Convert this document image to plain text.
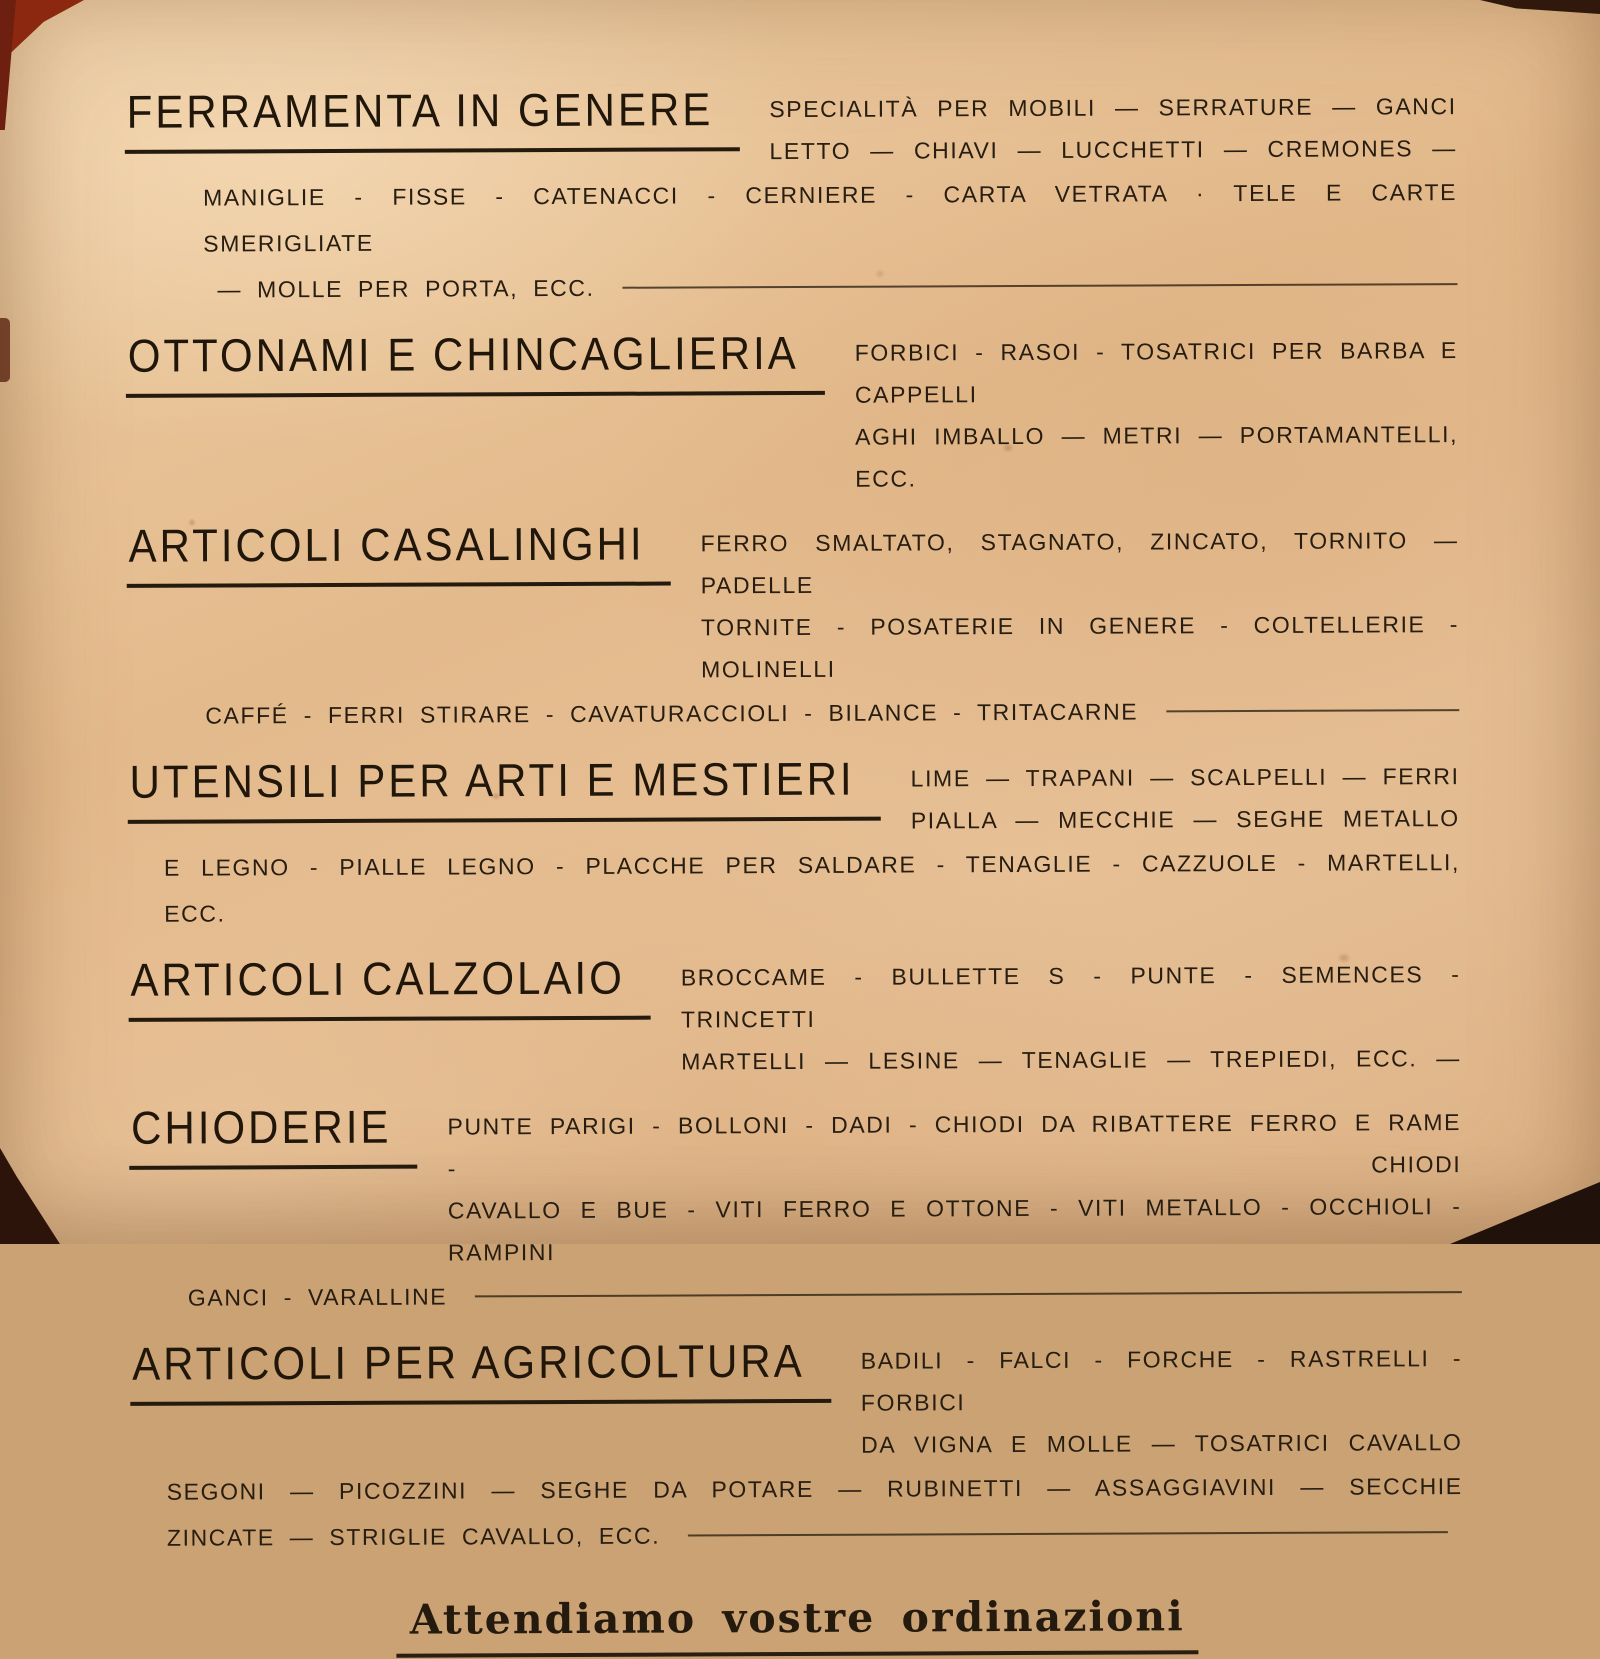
FERRAMENTA IN GENERE	SPECIALITÀ PER MOBILI — SERRATURE — GANCI
LETTO — CHIAVI — LUCCHETTI — CREMONES —
MANIGLIE - FISSE - CATENACCI - CERNIERE - CARTA VETRATA · TELE E CARTE SMERIGLIATE
— MOLLE PER PORTA, ECC.
OTTONAMI E CHINCAGLIERIA	FORBICI - RASOI - TOSATRICI PER BARBA E CAPPELLI
AGHI IMBALLO — METRI — PORTAMANTELLI, ECC.
ARTICOLI CASALINGHI	FERRO SMALTATO, STAGNATO, ZINCATO, TORNITO — PADELLE
TORNITE - POSATERIE IN GENERE - COLTELLERIE - MOLINELLI
CAFFÉ - FERRI STIRARE - CAVATURACCIOLI - BILANCE - TRITACARNE
UTENSILI PER ARTI E MESTIERI	LIME — TRAPANI — SCALPELLI — FERRI
PIALLA — MECCHIE — SEGHE METALLO
E LEGNO - PIALLE LEGNO - PLACCHE PER SALDARE - TENAGLIE - CAZZUOLE - MARTELLI, ECC.
ARTICOLI CALZOLAIO	BROCCAME - BULLETTE S - PUNTE - SEMENCES - TRINCETTI
MARTELLI — LESINE — TENAGLIE — TREPIEDI, ECC. —
CHIODERIE	PUNTE PARIGI - BOLLONI - DADI - CHIODI DA RIBATTERE FERRO E RAME - CHIODI
CAVALLO E BUE - VITI FERRO E OTTONE - VITI METALLO - OCCHIOLI - RAMPINI
GANCI - VARALLINE
ARTICOLI PER AGRICOLTURA	BADILI - FALCI - FORCHE - RASTRELLI - FORBICI
DA VIGNA E MOLLE — TOSATRICI CAVALLO
SEGONI — PICOZZINI — SEGHE DA POTARE — RUBINETTI — ASSAGGIAVINI — SECCHIE
ZINCATE — STRIGLIE CAVALLO, ECC.
Attendiamo vostre ordinazioni
